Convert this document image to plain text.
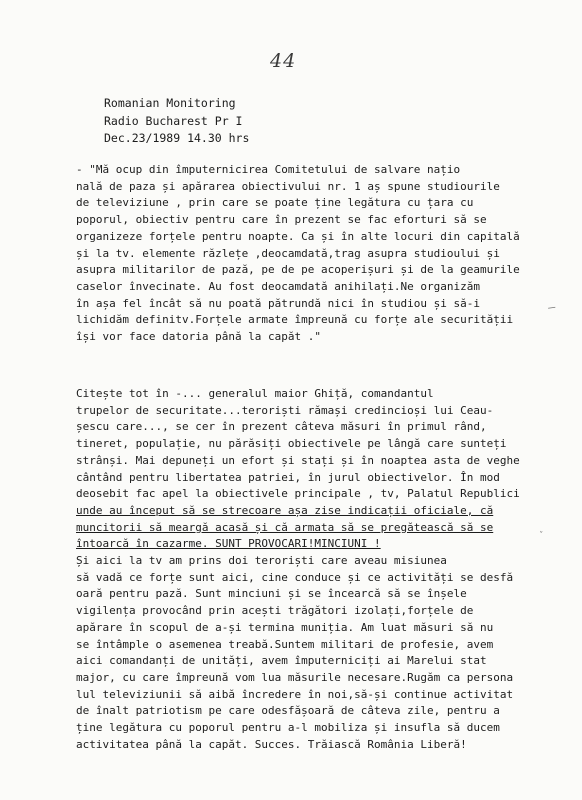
44
Romanian Monitoring
Radio Bucharest Pr I
Dec.23/1989 14.30 hrs
- "Mă ocup din împuternicirea Comitetului de salvare națio
nală de paza și apărarea obiectivului nr. 1 aș spune studiourile
de televiziune , prin care se poate ține legătura cu țara cu
poporul, obiectiv pentru care în prezent se fac eforturi să se
organizeze forțele pentru noapte. Ca și în alte locuri din capitală
și la tv. elemente răzlețe ,deocamdată,trag asupra studioului și
asupra militarilor de pază, pe de pe acoperișuri și de la geamurile
caselor învecinate. Au fost deocamdată anihilați.Ne organizăm
în așa fel încât să nu poată pătrundă nici în studiou și să-i
lichidăm definitv.Forțele armate împreună cu forțe ale securității
își vor face datoria până la capăt ."
Citește tot în -... generalul maior Ghiță, comandantul
trupelor de securitate...teroriști rămași credincioși lui Ceau-
șescu care..., se cer în prezent câteva măsuri în primul rând,
tineret, populație, nu părăsiți obiectivele pe lângă care sunteți
strânși. Mai depuneți un efort și stați și în noaptea asta de veghe
cântând pentru libertatea patriei, în jurul obiectivelor. În mod
deosebit fac apel la obiectivele principale , tv, Palatul Republici
unde au început să se strecoare așa zise indicații oficiale, că
muncitorii să meargă acasă și că armata să se pregătească să se
întoarcă în cazarme. SUNT PROVOCARI!MINCIUNI !
Și aici la tv am prins doi teroriști care aveau misiunea
să vadă ce forțe sunt aici, cine conduce și ce activități se desfă
oară pentru pază. Sunt minciuni și se încearcă să se înșele
vigilența provocând prin acești trăgători izolați,forțele de
apărare în scopul de a-și termina muniția. Am luat măsuri să nu
se întâmple o asemenea treabă.Suntem militari de profesie, avem
aici comandanți de unități, avem împuterniciți ai Marelui stat
major, cu care împreună vom lua măsurile necesare.Rugăm ca persona
lul televiziunii să aibă încredere în noi,să-și continue activitat
de înalt patriotism pe care odesfășoară de câteva zile, pentru a
ține legătura cu poporul pentru a-l mobiliza și insufla să ducem
activitatea până la capăt. Succes. Trăiască România Liberă!
–
˯
